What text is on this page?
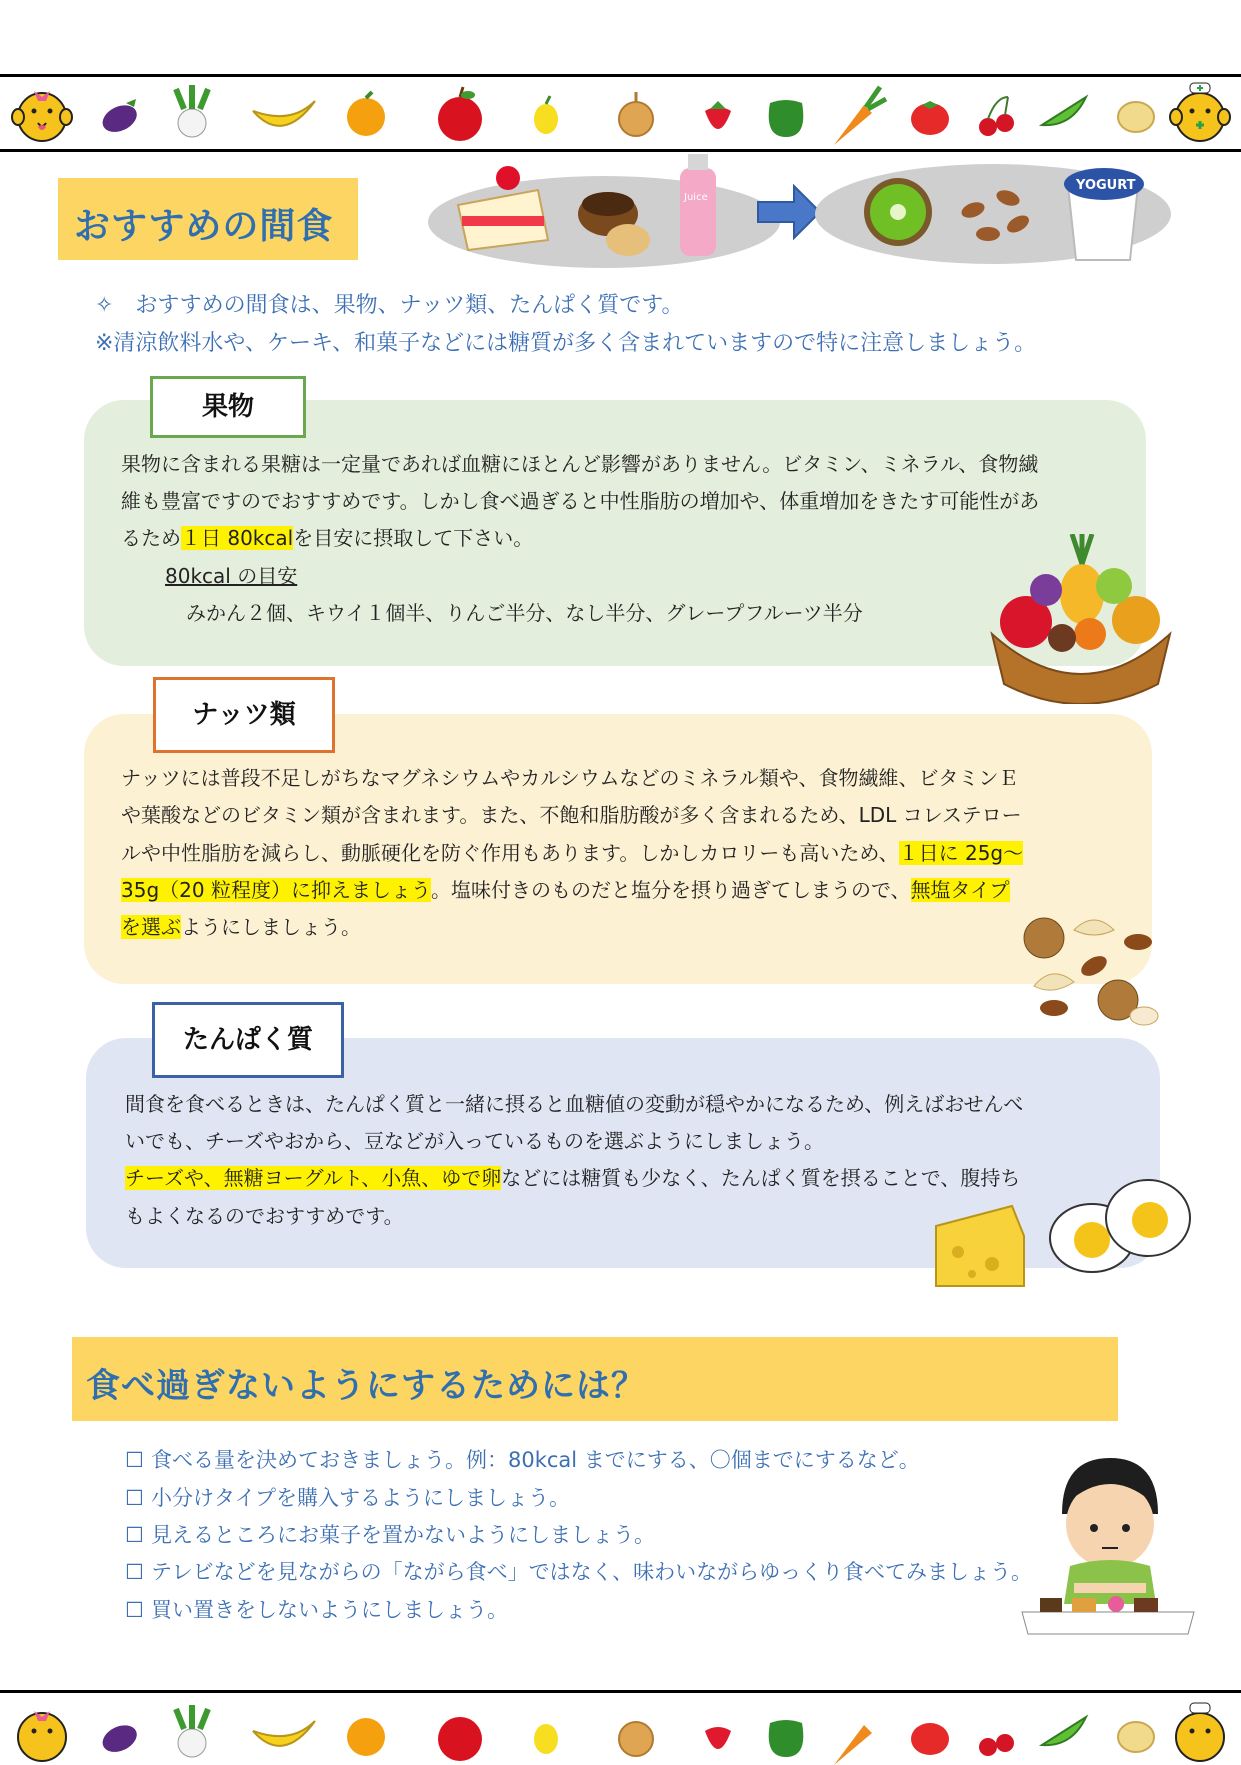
おすすめの間食
Juice
YOGURT
✧　おすすめの間食は、果物、ナッツ類、たんぱく質です。
※清涼飲料水や、ケーキ、和菓子などには糖質が多く含まれていますので特に注意しましょう。
果物
果物に含まれる果糖は一定量であれば血糖にほとんど影響がありません。ビタミン、ミネラル、食物繊
維も豊富ですのでおすすめです。しかし食べ過ぎると中性脂肪の増加や、体重増加をきたす可能性があ
るため１日 80kcalを目安に摂取して下さい。
80kcal の目安
みかん２個、キウイ１個半、りんご半分、なし半分、グレープフルーツ半分
ナッツ類
ナッツには普段不足しがちなマグネシウムやカルシウムなどのミネラル類や、食物繊維、ビタミンＥ
や葉酸などのビタミン類が含まれます。また、不飽和脂肪酸が多く含まれるため、LDL コレステロー
ルや中性脂肪を減らし、動脈硬化を防ぐ作用もあります。しかしカロリーも高いため、１日に 25g～
35g（20 粒程度）に抑えましょう。塩味付きのものだと塩分を摂り過ぎてしまうので、無塩タイプ
を選ぶようにしましょう。
たんぱく質
間食を食べるときは、たんぱく質と一緒に摂ると血糖値の変動が穏やかになるため、例えばおせんべ
いでも、チーズやおから、豆などが入っているものを選ぶようにしましょう。
チーズや、無糖ヨーグルト、小魚、ゆで卵などには糖質も少なく、たんぱく質を摂ることで、腹持ち
もよくなるのでおすすめです。
食べ過ぎないようにするためには？
☐ 食べる量を決めておきましょう。例：80kcal までにする、〇個までにするなど。
☐ 小分けタイプを購入するようにしましょう。
☐ 見えるところにお菓子を置かないようにしましょう。
☐ テレビなどを見ながらの「ながら食べ」ではなく、味わいながらゆっくり食べてみましょう。
☐ 買い置きをしないようにしましょう。
